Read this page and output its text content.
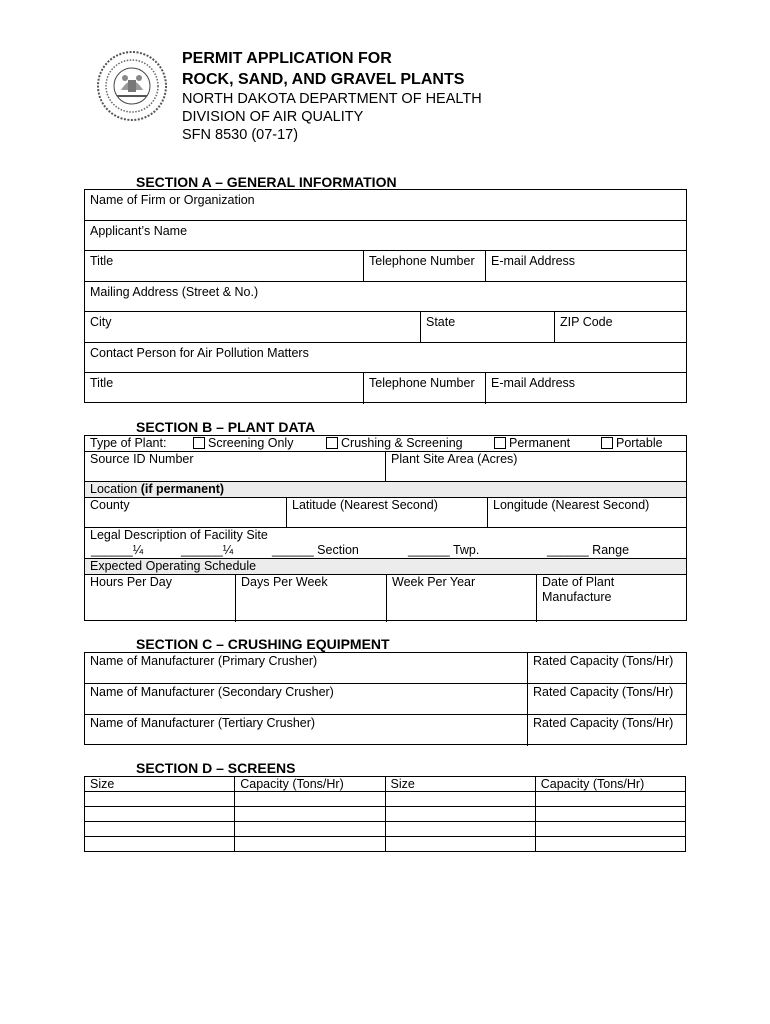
PERMIT APPLICATION FOR
ROCK, SAND, AND GRAVEL PLANTS
NORTH DAKOTA DEPARTMENT OF HEALTH
DIVISION OF AIR QUALITY
SFN 8530 (07-17)
SECTION A – GENERAL INFORMATION
Name of Firm or Organization
Applicant’s Name
Title	Telephone Number	E-mail Address
Mailing Address (Street & No.)
City	State	ZIP Code
Contact Person for Air Pollution Matters
Title	Telephone Number	E-mail Address
SECTION B – PLANT DATA
Type of Plant:	Screening Only	Crushing & Screening	Permanent	Portable
Source ID Number	Plant Site Area (Acres)
Location (if permanent)
County	Latitude (Nearest Second)	Longitude (Nearest Second)
Legal Description of Facility Site
______¼	______¼	______ Section	______ Twp.	______ Range
Expected Operating Schedule
Hours Per Day	Days Per Week	Week Per Year	Date of Plant
Manufacture
SECTION C – CRUSHING EQUIPMENT
Name of Manufacturer (Primary Crusher)	Rated Capacity (Tons/Hr)
Name of Manufacturer (Secondary Crusher)	Rated Capacity (Tons/Hr)
Name of Manufacturer (Tertiary Crusher)	Rated Capacity (Tons/Hr)
SECTION D – SCREENS
Size	Capacity (Tons/Hr)	Size	Capacity (Tons/Hr)
